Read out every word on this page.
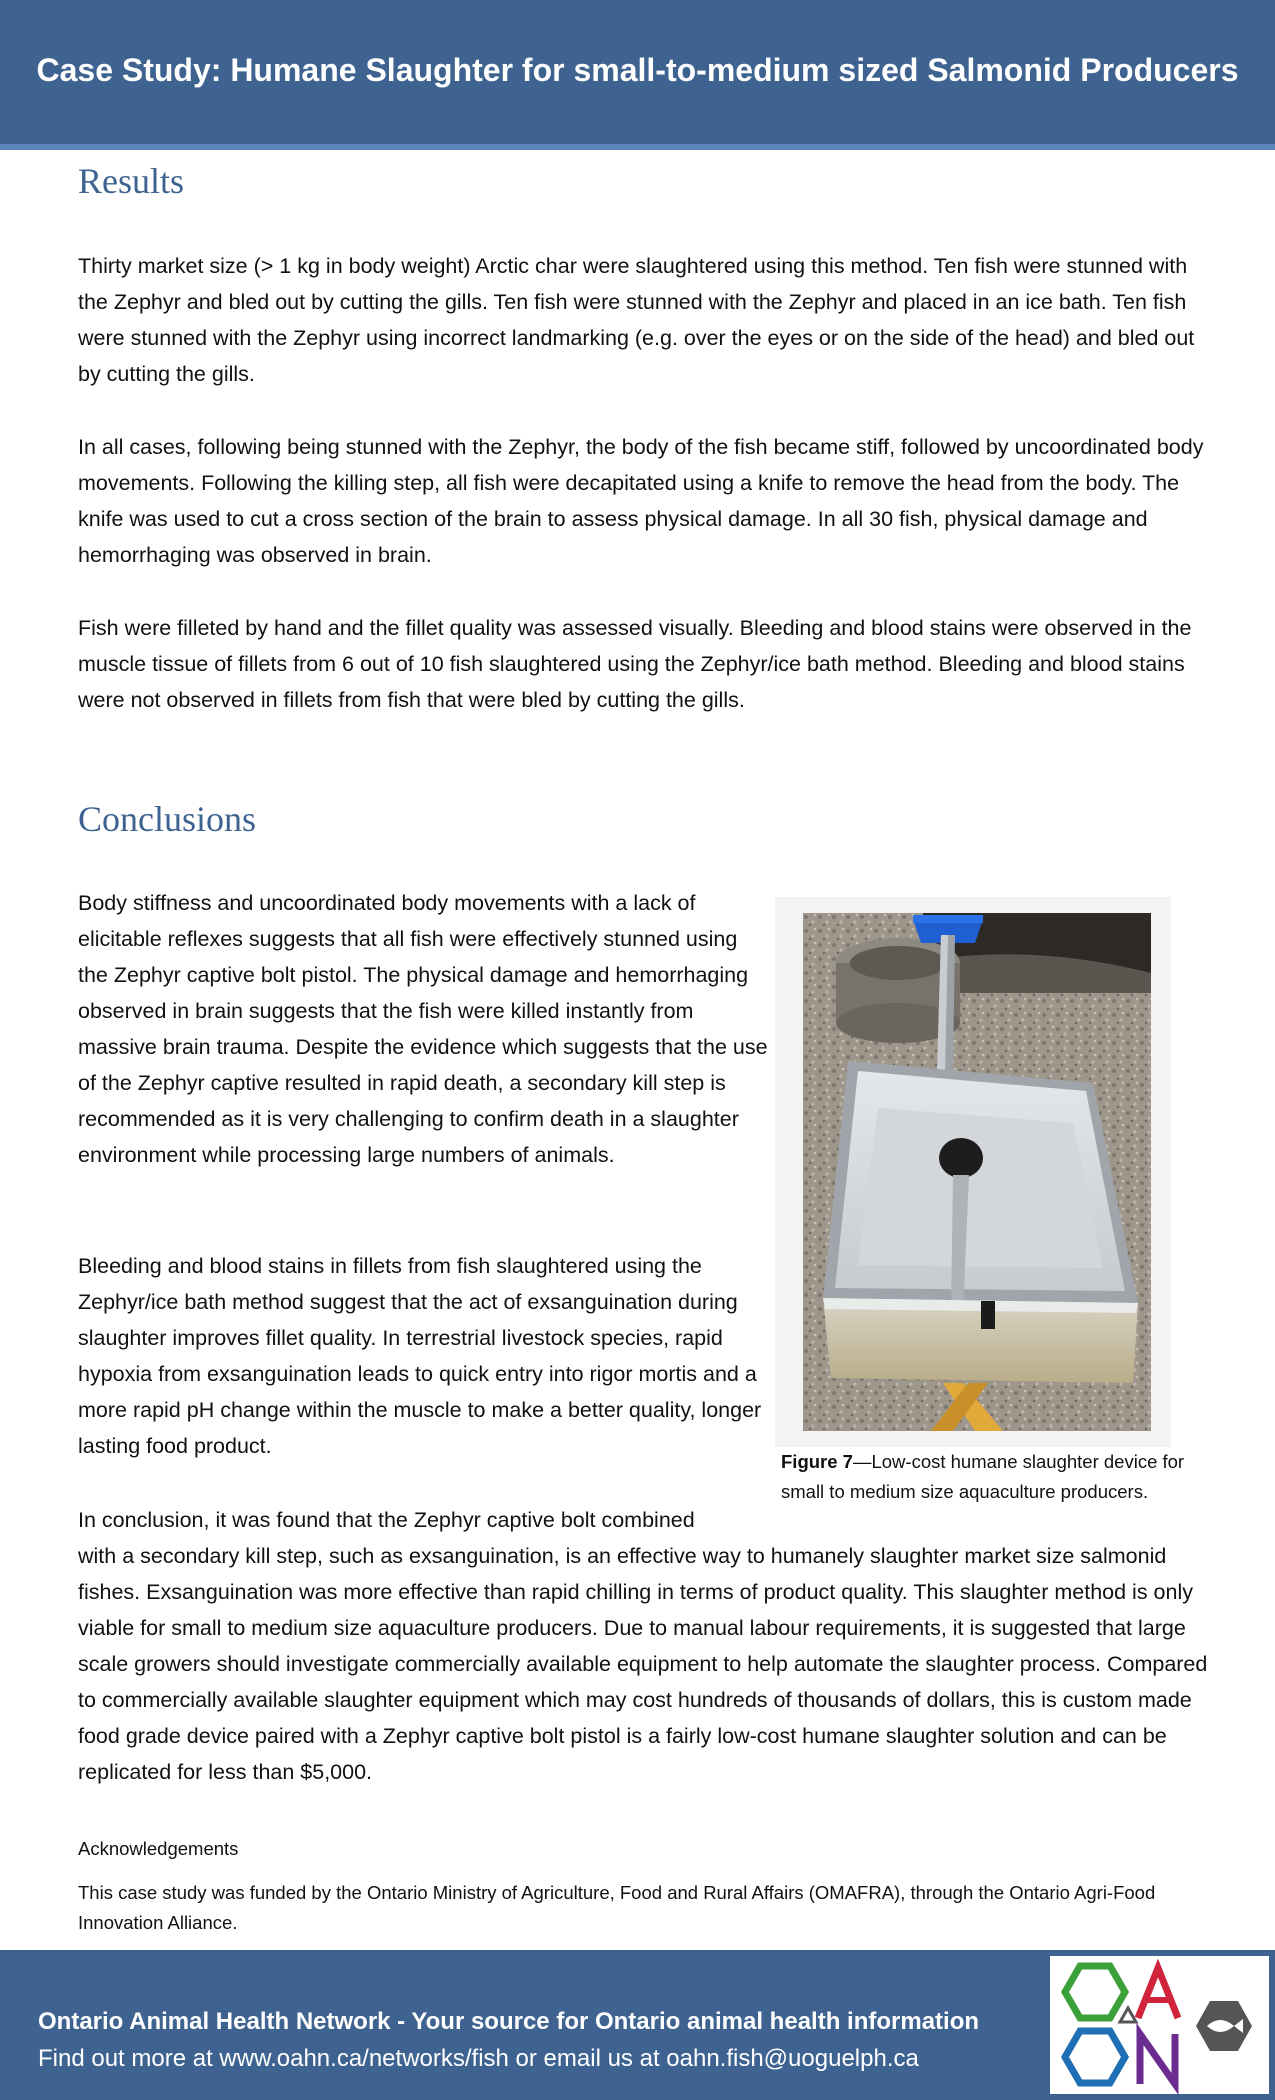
Case Study: Humane Slaughter for small-to-medium sized Salmonid Producers
Results

Thirty market size (> 1 kg in body weight) Arctic char were slaughtered using this method. Ten fish were stunned with the Zephyr and bled out by cutting the gills. Ten fish were stunned with the Zephyr and placed in an ice bath. Ten fish were stunned with the Zephyr using incorrect landmarking (e.g. over the eyes or on the side of the head) and bled out by cutting the gills.

In all cases, following being stunned with the Zephyr, the body of the fish became stiff, followed by uncoordinated body movements. Following the killing step, all fish were decapitated using a knife to remove the head from the body. The knife was used to cut a cross section of the brain to assess physical damage. In all 30 fish, physical damage and hemorrhaging was observed in brain.

Fish were filleted by hand and the fillet quality was assessed visually. Bleeding and blood stains were observed in the muscle tissue of fillets from 6 out of 10 fish slaughtered using the Zephyr/ice bath method. Bleeding and blood stains were not observed in fillets from fish that were bled by cutting the gills.

Conclusions

Body stiffness and uncoordinated body movements with a lack of elicitable reflexes suggests that all fish were effectively stunned using the Zephyr captive bolt pistol. The physical damage and hemorrhaging observed in brain suggests that the fish were killed instantly from massive brain trauma. Despite the evidence which suggests that the use of the Zephyr captive resulted in rapid death, a secondary kill step is recommended as it is very challenging to confirm death in a slaughter environment while processing large numbers of animals.

Bleeding and blood stains in fillets from fish slaughtered using the Zephyr/ice bath method suggest that the act of exsanguination during slaughter improves fillet quality. In terrestrial livestock species, rapid hypoxia from exsanguination leads to quick entry into rigor mortis and a more rapid pH change within the muscle to make a better quality, longer lasting food product.

In conclusion, it was found that the Zephyr captive bolt combined

with a secondary kill step, such as exsanguination, is an effective way to humanely slaughter market size salmonid fishes. Exsanguination was more effective than rapid chilling in terms of product quality. This slaughter method is only viable for small to medium size aquaculture producers. Due to manual labour requirements, it is suggested that large scale growers should investigate commercially available equipment to help automate the slaughter process. Compared to commercially available slaughter equipment which may cost hundreds of thousands of dollars, this is custom made food grade device paired with a Zephyr captive bolt pistol is a fairly low-cost humane slaughter solution and can be replicated for less than $5,000.

Figure 7—Low-cost humane slaughter device for small to medium size aquaculture producers.

Acknowledgements

This case study was funded by the Ontario Ministry of Agriculture, Food and Rural Affairs (OMAFRA), through the Ontario Agri-Food Innovation Alliance.

Ontario Animal Health Network - Your source for Ontario animal health information
Find out more at www.oahn.ca/networks/fish or email us at oahn.fish@uoguelph.ca
